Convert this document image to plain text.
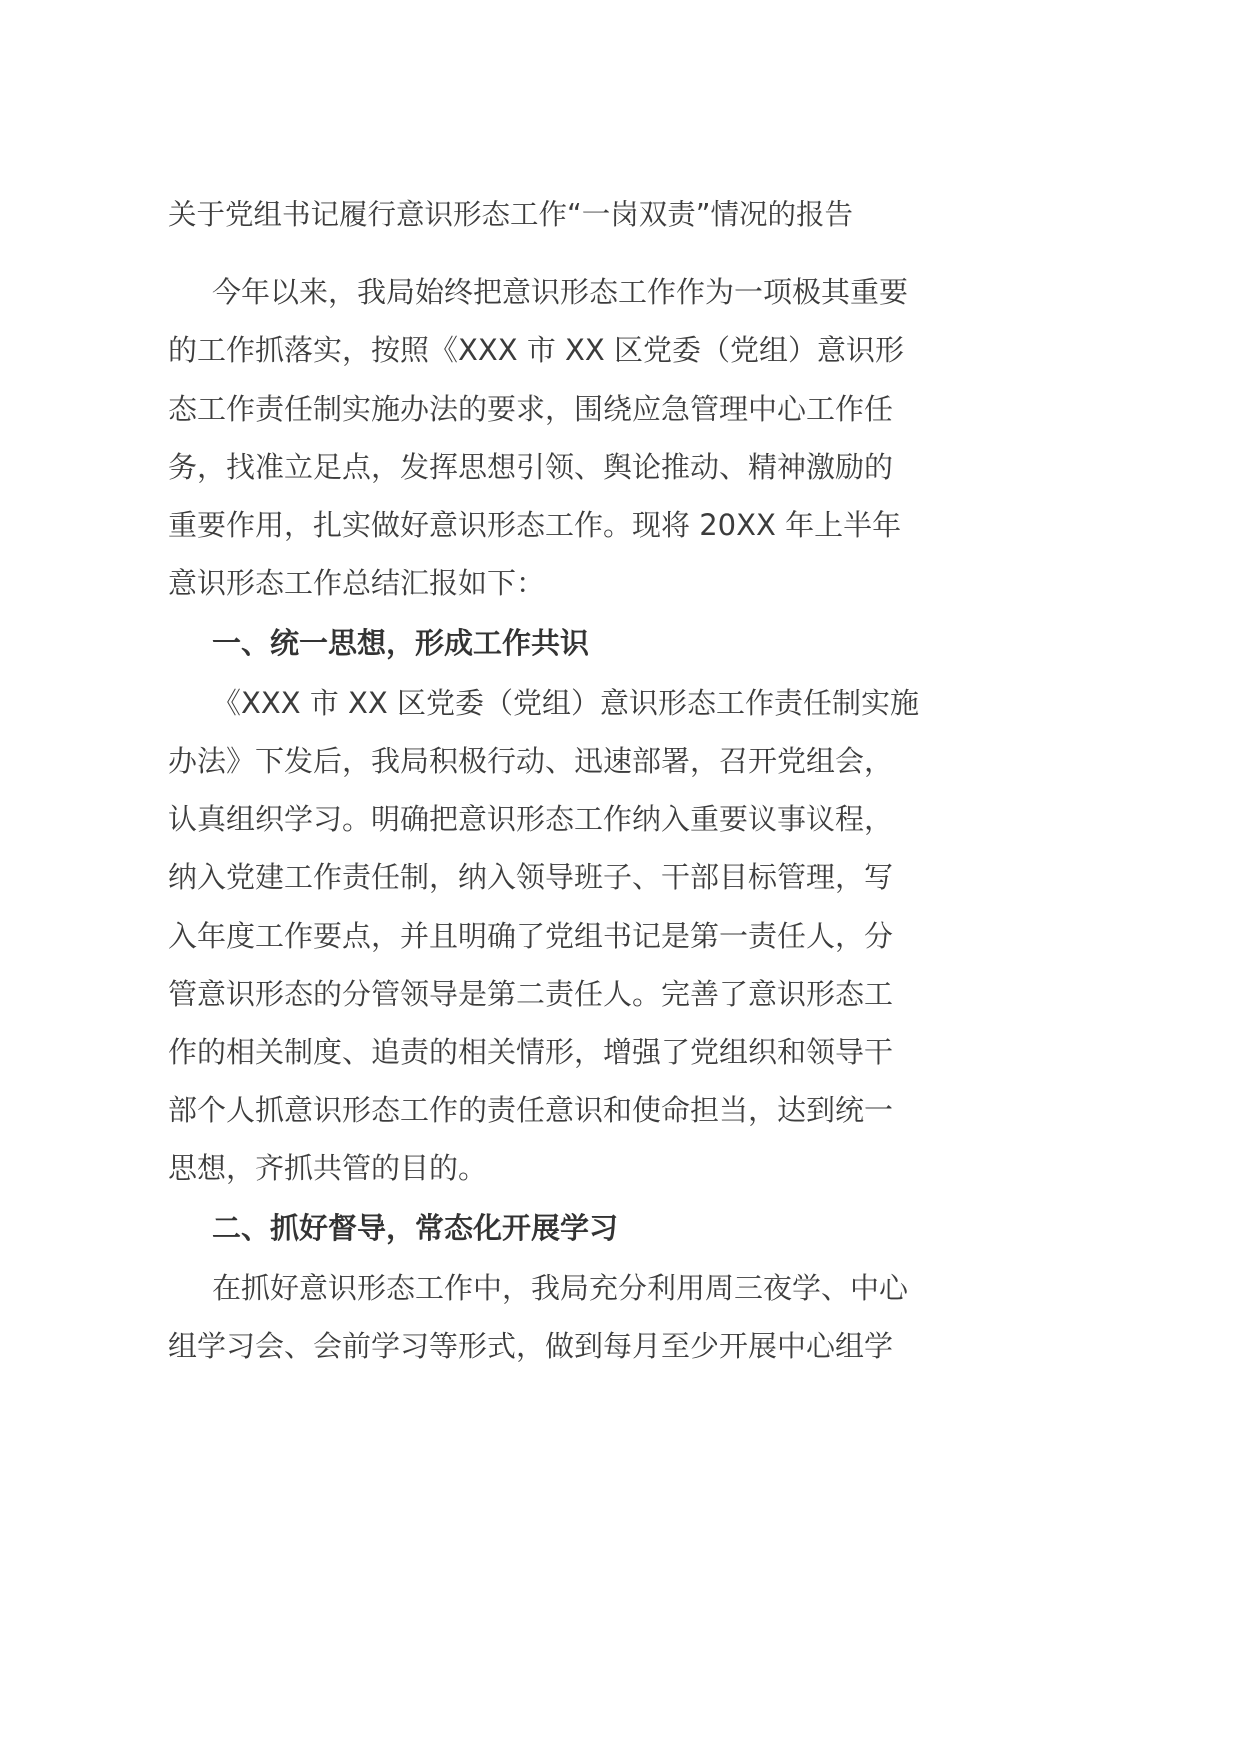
关于党组书记履行意识形态工作“一岗双责”情况的报告
今年以来，我局始终把意识形态工作作为一项极其重要
的工作抓落实，按照《XXX 市 XX 区党委（党组）意识形
态工作责任制实施办法的要求，围绕应急管理中心工作任
务，找准立足点，发挥思想引领、舆论推动、精神激励的
重要作用，扎实做好意识形态工作。现将 20XX 年上半年
意识形态工作总结汇报如下：
一、统一思想，形成工作共识
《XXX 市 XX 区党委（党组）意识形态工作责任制实施
办法》下发后，我局积极行动、迅速部署，召开党组会，
认真组织学习。明确把意识形态工作纳入重要议事议程，
纳入党建工作责任制，纳入领导班子、干部目标管理，写
入年度工作要点，并且明确了党组书记是第一责任人，分
管意识形态的分管领导是第二责任人。完善了意识形态工
作的相关制度、追责的相关情形，增强了党组织和领导干
部个人抓意识形态工作的责任意识和使命担当，达到统一
思想，齐抓共管的目的。
二、抓好督导，常态化开展学习
在抓好意识形态工作中，我局充分利用周三夜学、中心
组学习会、会前学习等形式，做到每月至少开展中心组学
